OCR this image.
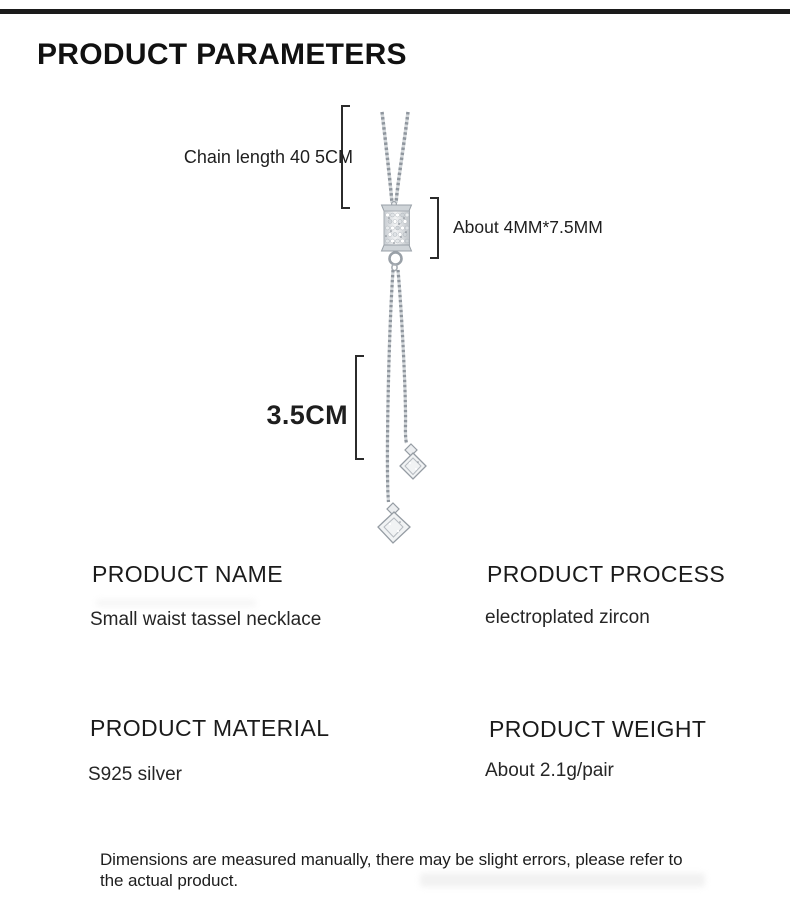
PRODUCT PARAMETERS
Chain length 40 5CM
About 4MM*7.5MM
3.5CM
PRODUCT NAME
Small waist tassel necklace
PRODUCT PROCESS
electroplated zircon
PRODUCT MATERIAL
S925 silver
PRODUCT WEIGHT
About 2.1g/pair
Dimensions are measured manually, there may be slight errors, please refer to the actual product.
